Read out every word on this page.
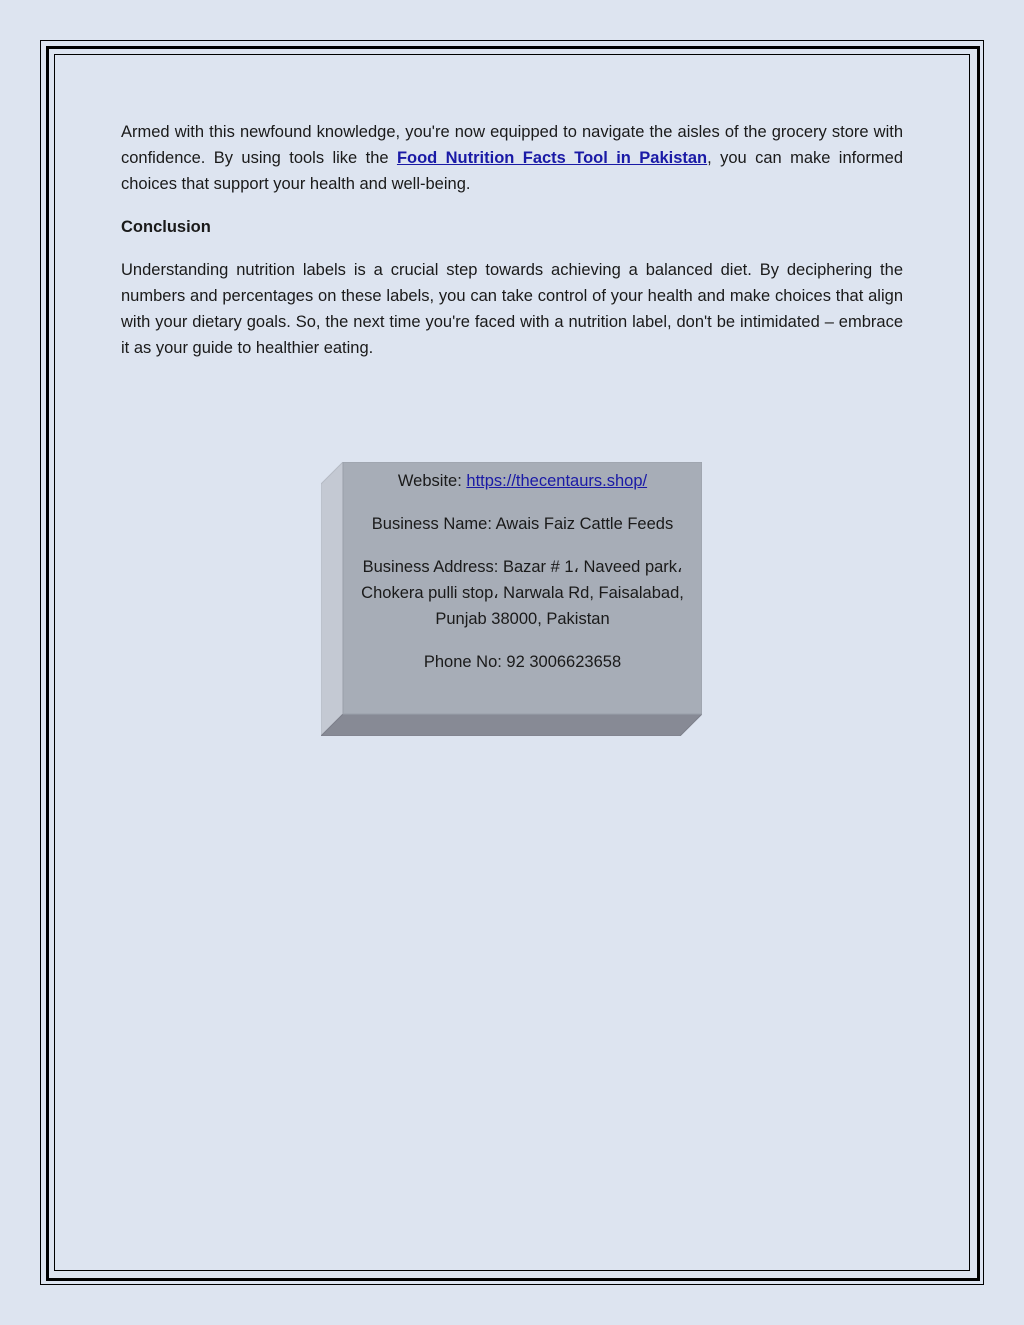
Armed with this newfound knowledge, you're now equipped to navigate the aisles of the grocery store with confidence. By using tools like the Food Nutrition Facts Tool in Pakistan, you can make informed choices that support your health and well-being.

Conclusion

Understanding nutrition labels is a crucial step towards achieving a balanced diet. By deciphering the numbers and percentages on these labels, you can take control of your health and make choices that align with your dietary goals. So, the next time you're faced with a nutrition label, don't be intimidated – embrace it as your guide to healthier eating.

Website: https://thecentaurs.shop/

Business Name: Awais Faiz Cattle Feeds

Business Address: Bazar # 1، Naveed park،
Chokera pulli stop، Narwala Rd, Faisalabad,
Punjab 38000, Pakistan

Phone No: 92 3006623658
